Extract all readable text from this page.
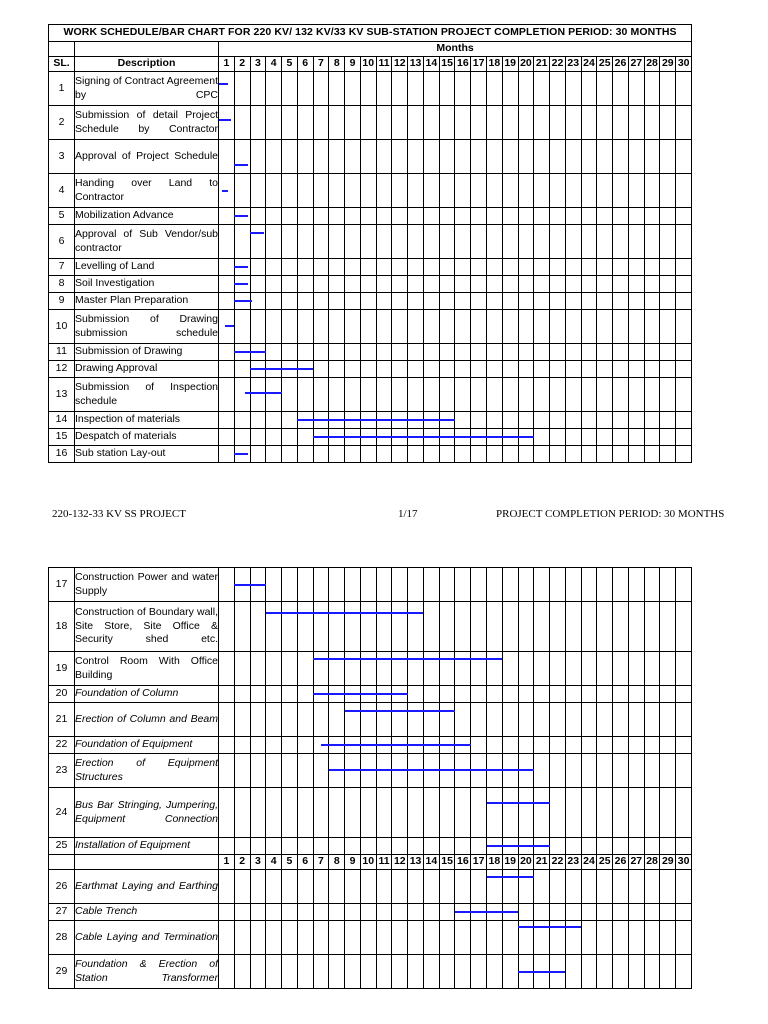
WORK SCHEDULE/BAR CHART FOR 220 KV/ 132 KV/33 KV SUB-STATION PROJECT COMPLETION PERIOD: 30 MONTHS																															
		Months																													
SL.	Description	1	2	3	4	5	6	7	8	9	10	11	12	13	14	15	16	17	18	19	20	21	22	23	24	25	26	27	28	29	30
1	Signing of Contract Agreement by CPC																														
2	Submission of detail Project Schedule by Contractor																														
3	Approval of Project Schedule																														
4	Handing over Land to Contractor																														
5	Mobilization Advance																														
6	Approval of Sub Vendor/sub contractor																														
7	Levelling of Land																														
8	Soil Investigation																														
9	Master Plan Preparation																														
10	Submission of Drawing submission schedule																														
11	Submission of Drawing																														
12	Drawing Approval																														
13	Submission of Inspection schedule																														
14	Inspection of materials																														
15	Despatch of materials																														
16	Sub station Lay-out																														
220-132-33 KV SS PROJECT	1/17	PROJECT COMPLETION PERIOD: 30 MONTHS
17	Construction Power and water Supply																														
18	Construction of Boundary wall, Site Store, Site Office & Security shed etc.																														
19	Control Room With Office Building																														
20	Foundation of Column																														
21	Erection of Column and Beam																														
22	Foundation of Equipment																														
23	Erection of Equipment Structures																														
24	Bus Bar Stringing, Jumpering, Equipment Connection																														
25	Installation of Equipment																														
		1	2	3	4	5	6	7	8	9	10	11	12	13	14	15	16	17	18	19	20	21	22	23	24	25	26	27	28	29	30
26	Earthmat Laying and Earthing																														
27	Cable Trench																														
28	Cable Laying and Termination																														
29	Foundation & Erection of Station Transformer																														
